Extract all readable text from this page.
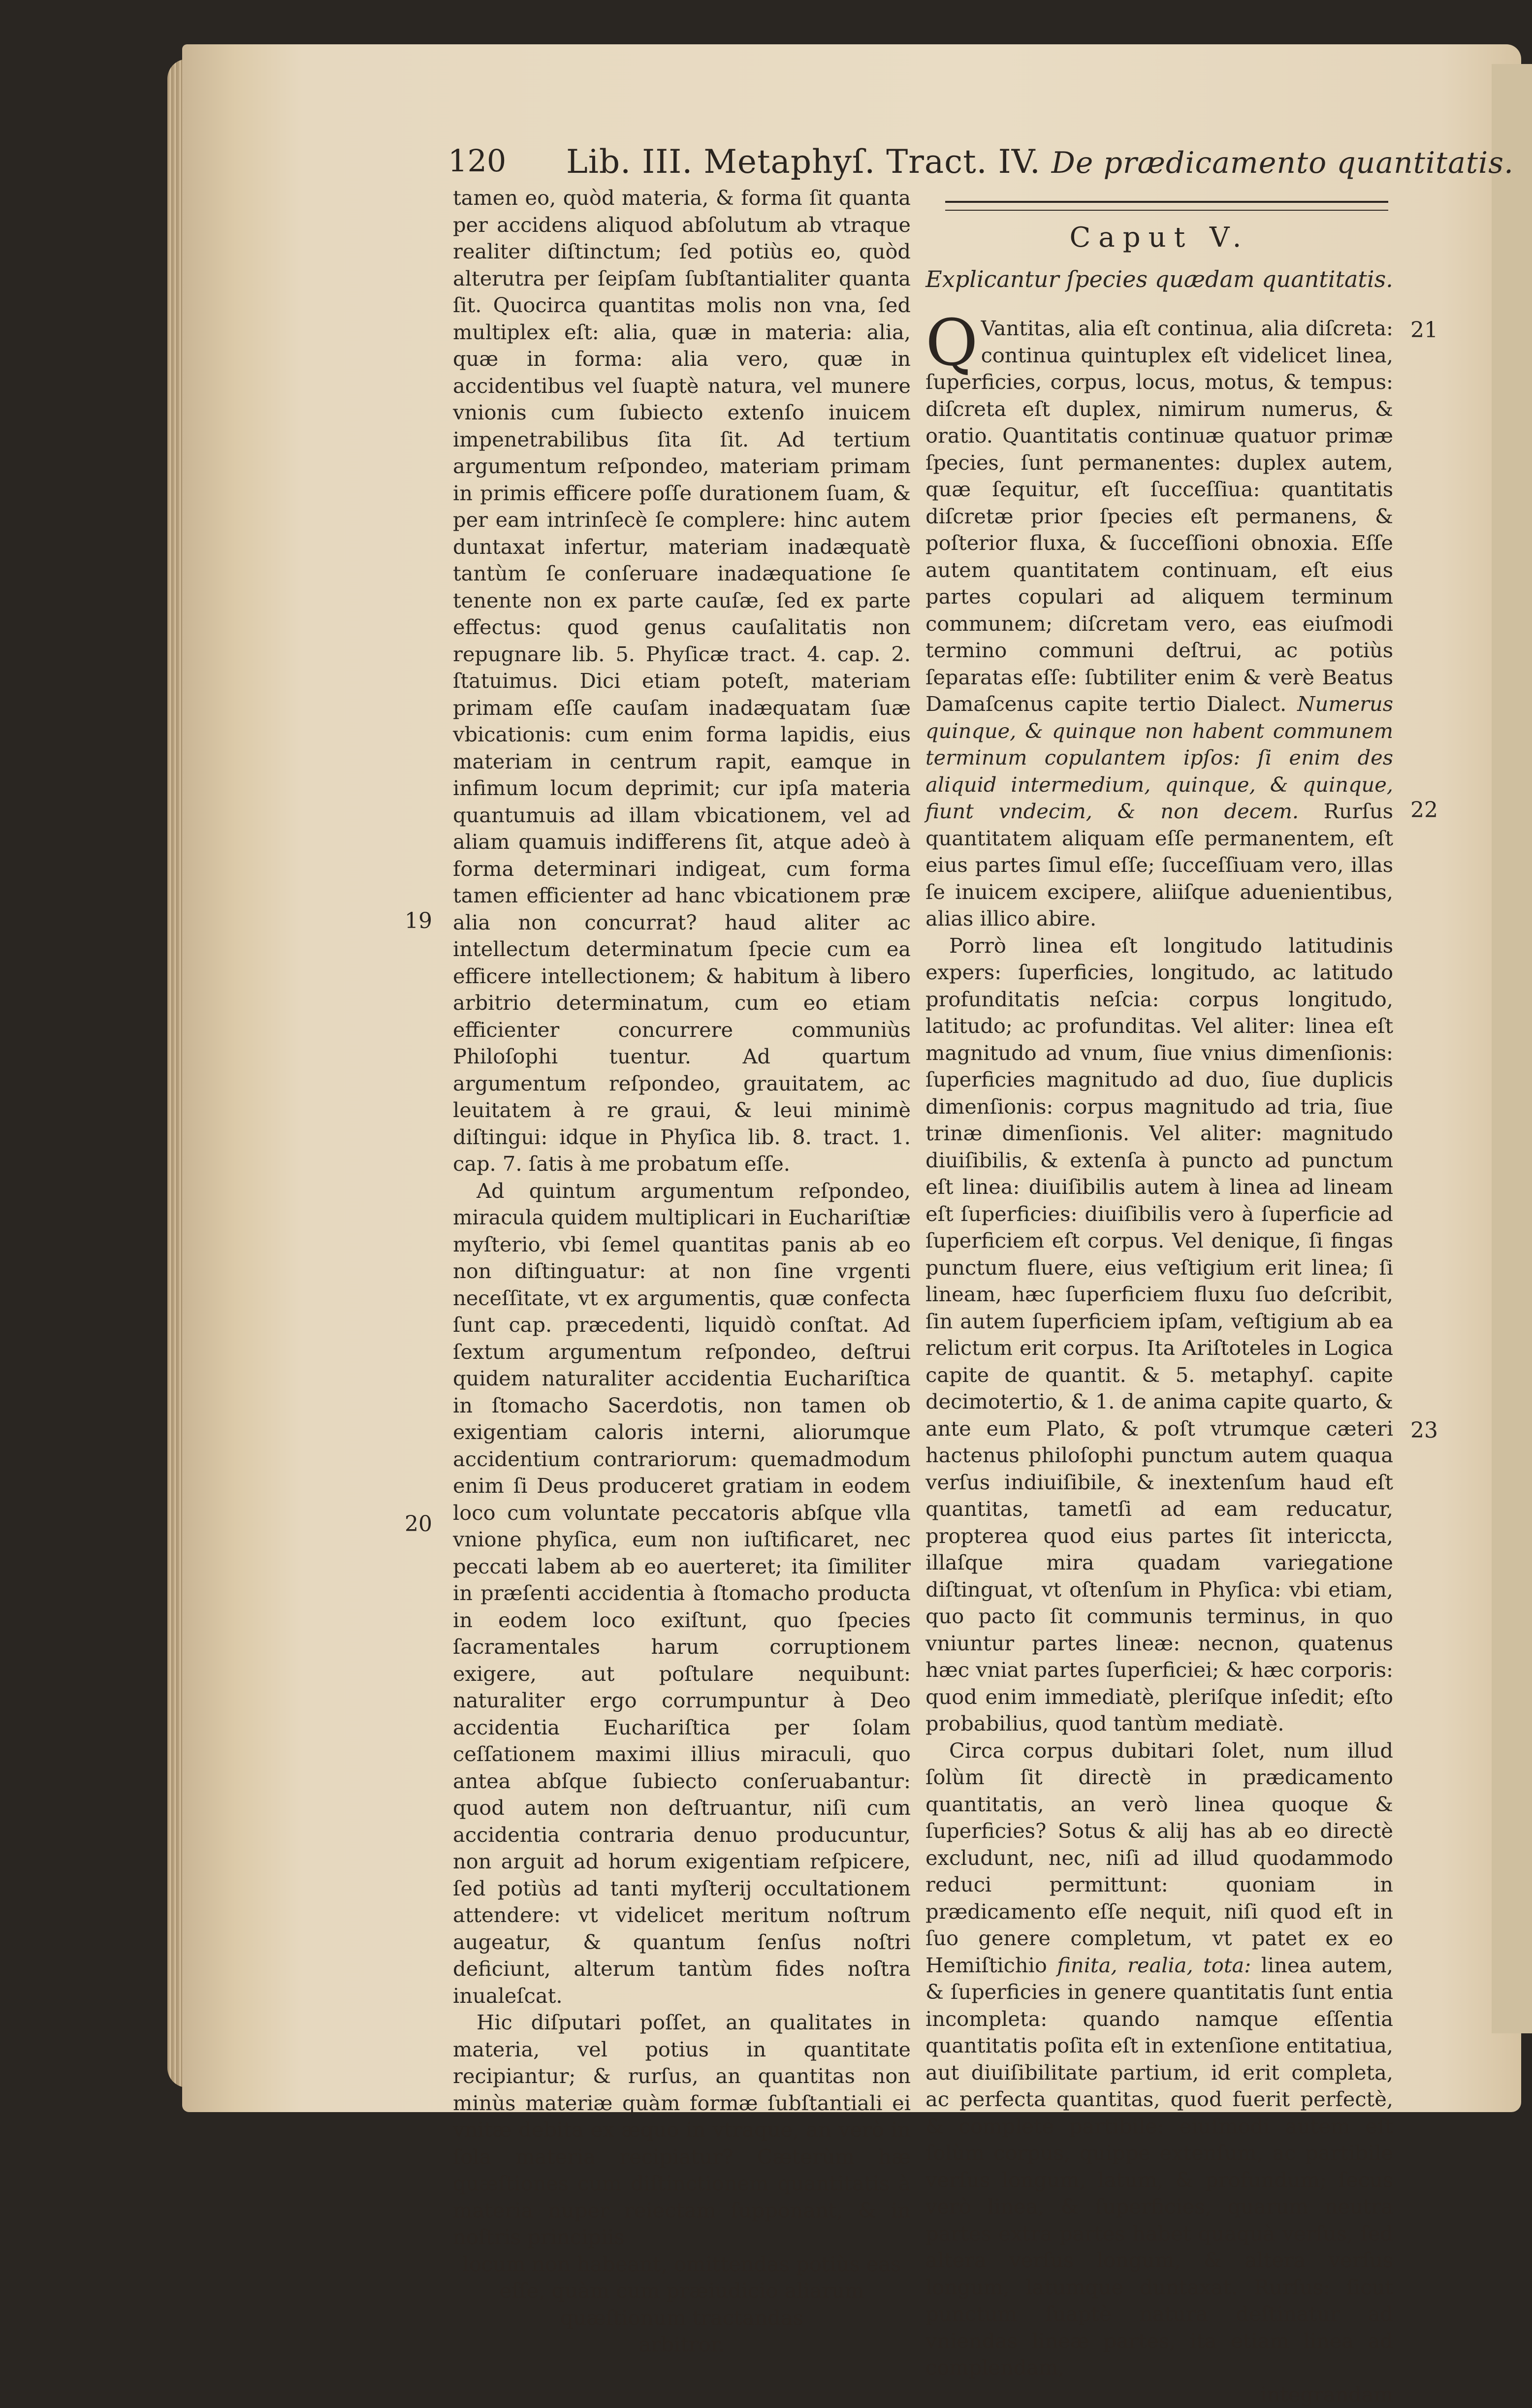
120 Lib. III. Metaphyſ. Tract. IV. De prædicamento quantitatis.

tamen eo, quòd materia, & forma ſit quanta per accidens aliquod abſolutum ab vtraque realiter diſtinctum; ſed potiùs eo, quòd alterutra per ſeipſam ſubſtantialiter quanta ſit. Quocirca quantitas molis non vna, ſed multiplex eſt: alia, quæ in materia: alia, quæ in forma: alia vero, quæ in accidentibus vel ſuaptè natura, vel munere vnionis cum ſubiecto extenſo inuicem impenetrabilibus ſita ſit. Ad tertium argumentum reſpondeo, materiam primam in primis efficere poſſe durationem ſuam, & per eam intrinſecè ſe complere: hinc autem duntaxat infertur, materiam inadæquatè tantùm ſe conſeruare inadæquatione ſe tenente non ex parte cauſæ, ſed ex parte effectus: quod genus cauſalitatis non repugnare lib. 5. Phyſicæ tract. 4. cap. 2. ſtatuimus. Dici etiam poteſt, materiam primam eſſe cauſam inadæquatam ſuæ vbicationis: cum enim forma lapidis, eius materiam in centrum rapit, eamque in infimum locum deprimit; cur ipſa materia quantumuis ad illam vbicationem, vel ad aliam quamuis indifferens ſit, atque adeò à forma determinari indigeat, cum forma tamen efficienter ad hanc vbicationem præ alia non concurrat? haud aliter ac intellectum determinatum ſpecie cum ea efficere intellectionem; & habitum à libero arbitrio determinatum, cum eo etiam efficienter concurrere communiùs Philoſophi tuentur. Ad quartum argumentum reſpondeo, grauitatem, ac leuitatem à re graui, & leui minimè diſtingui: idque in Phyſica lib. 8. tract. 1. cap. 7. ſatis à me probatum eſſe.

Ad quintum argumentum reſpondeo, miracula quidem multiplicari in Euchariſtiæ myſterio, vbi ſemel quantitas panis ab eo non diſtinguatur: at non ſine vrgenti neceſſitate, vt ex argumentis, quæ confecta ſunt cap. præcedenti, liquidò conſtat. Ad ſextum argumentum reſpondeo, deſtrui quidem naturaliter accidentia Euchariſtica in ſtomacho Sacerdotis, non tamen ob exigentiam caloris interni, aliorumque accidentium contrariorum: quemadmodum enim ſi Deus produceret gratiam in eodem loco cum voluntate peccatoris abſque vlla vnione phyſica, eum non iuſtificaret, nec peccati labem ab eo auerteret; ita ſimiliter in præſenti accidentia à ſtomacho producta in eodem loco exiſtunt, quo ſpecies ſacramentales harum corruptionem exigere, aut poſtulare nequibunt: naturaliter ergo corrumpuntur à Deo accidentia Euchariſtica per ſolam ceſſationem maximi illius miraculi, quo antea abſque ſubiecto conſeruabantur: quod autem non deſtruantur, niſi cum accidentia contraria denuo producuntur, non arguit ad horum exigentiam reſpicere, ſed potiùs ad tanti myſterij occultationem attendere: vt videlicet meritum noſtrum augeatur, & quantum ſenſus noſtri deficiunt, alterum tantùm fides noſtra inualeſcat.

Hic diſputari poſſet, an qualitates in materia, vel potius in quantitate recipiantur; & rurſus, an quantitas non minùs materiæ quàm formæ ſubſtantiali ei vnitæ debita ex æquo in vtraque, an verò in ſola materia recipiatur? Cæterùm hæ quæſtiones cum diſtinctionem quantitatis à materia nuper reiectam ſupponant, & in noſtris principiis

locum non habeant, omittendas potiùs eas

eſſe, quàm cum præiudicio aliarum

quæſtionum tractandas

arbitror.

Caput V.
Explicantur ſpecies quædam quantitatis.

Q Vantitas, alia eſt continua, alia diſcreta: continua quintuplex eſt videlicet linea, ſuperficies, corpus, locus, motus, & tempus: diſcreta eſt duplex, nimirum numerus, & oratio. Quantitatis continuæ quatuor primæ ſpecies, ſunt permanentes: duplex autem, quæ ſequitur, eſt ſucceſſiua: quantitatis diſcretæ prior ſpecies eſt permanens, & poſterior fluxa, & ſucceſſioni obnoxia. Eſſe autem quantitatem continuam, eſt eius partes copulari ad aliquem terminum communem; diſcretam vero, eas eiuſmodi termino communi deſtrui, ac potiùs ſeparatas eſſe: ſubtiliter enim & verè Beatus Damaſcenus capite tertio Dialect. Numerus quinque, & quinque non habent communem terminum copulantem ipſos: ſi enim des aliquid intermedium, quinque, & quinque, fiunt vndecim, & non decem. Rurſus quantitatem aliquam eſſe permanentem, eſt eius partes ſimul eſſe; ſucceſſiuam vero, illas ſe inuicem excipere, aliiſque aduenientibus, alias illico abire.

Porrò linea eſt longitudo latitudinis expers: ſuperficies, longitudo, ac latitudo profunditatis neſcia: corpus longitudo, latitudo; ac profunditas. Vel aliter: linea eſt magnitudo ad vnum, ſiue vnius dimenſionis: ſuperficies magnitudo ad duo, ſiue duplicis dimenſionis: corpus magnitudo ad tria, ſiue trinæ dimenſionis. Vel aliter: magnitudo diuiſibilis, & extenſa à puncto ad punctum eſt linea: diuiſibilis autem à linea ad lineam eſt ſuperficies: diuiſibilis vero à ſuperficie ad ſuperficiem eſt corpus. Vel denique, ſi fingas punctum fluere, eius veſtigium erit linea; ſi lineam, hæc ſuperficiem fluxu ſuo deſcribit, ſin autem ſuperficiem ipſam, veſtigium ab ea relictum erit corpus. Ita Ariſtoteles in Logica capite de quantit. & 5. metaphyſ. capite decimotertio, & 1. de anima capite quarto, & ante eum Plato, & poſt vtrumque cæteri hactenus philoſophi punctum autem quaqua verſus indiuiſibile, & inextenſum haud eſt quantitas, tametſi ad eam reducatur, propterea quod eius partes ſit intericcta, illaſque mira quadam variegatione diſtinguat, vt oſtenſum in Phyſica: vbi etiam, quo pacto ſit communis terminus, in quo vniuntur partes lineæ: necnon, quatenus hæc vniat partes ſuperficiei; & hæc corporis: quod enim immediatè, pleriſque inſedit; eſto probabilius, quod tantùm mediatè.

Circa corpus dubitari ſolet, num illud ſolùm ſit directè in prædicamento quantitatis, an verò linea quoque & ſuperficies? Sotus & alij has ab eo directè excludunt, nec, niſi ad illud quodammodo reduci permittunt: quoniam in prædicamento eſſe nequit, niſi quod eſt in ſuo genere completum, vt patet ex eo Hemiſtichio finita, realia, tota: linea autem, & ſuperficies in genere quantitatis ſunt entia incompleta: quando namque eſſentia quantitatis poſita eſt in extenſione entitatiua, aut diuiſibilitate partium, id erit completa, ac perfecta quantitas, quod fuerit perfectè, & completè partibile: eiuſmodi autem eſt ſolùm corpus, quippe extenſum, ac partibile verſus longum, latum, & profundum; ſecus verò linea, & ſuperficies, quarum neutra partes extra partes habet quaquà verſus, ſed altera verſus longum, & altera verſus longum, latumque duntaxat. Rurſus: ſicut punctum ſuaptè natura deſtinatur ad vniendas lineæ partes, ita etiam linea ad complendam,

integrandam

19
20
21
22
23
